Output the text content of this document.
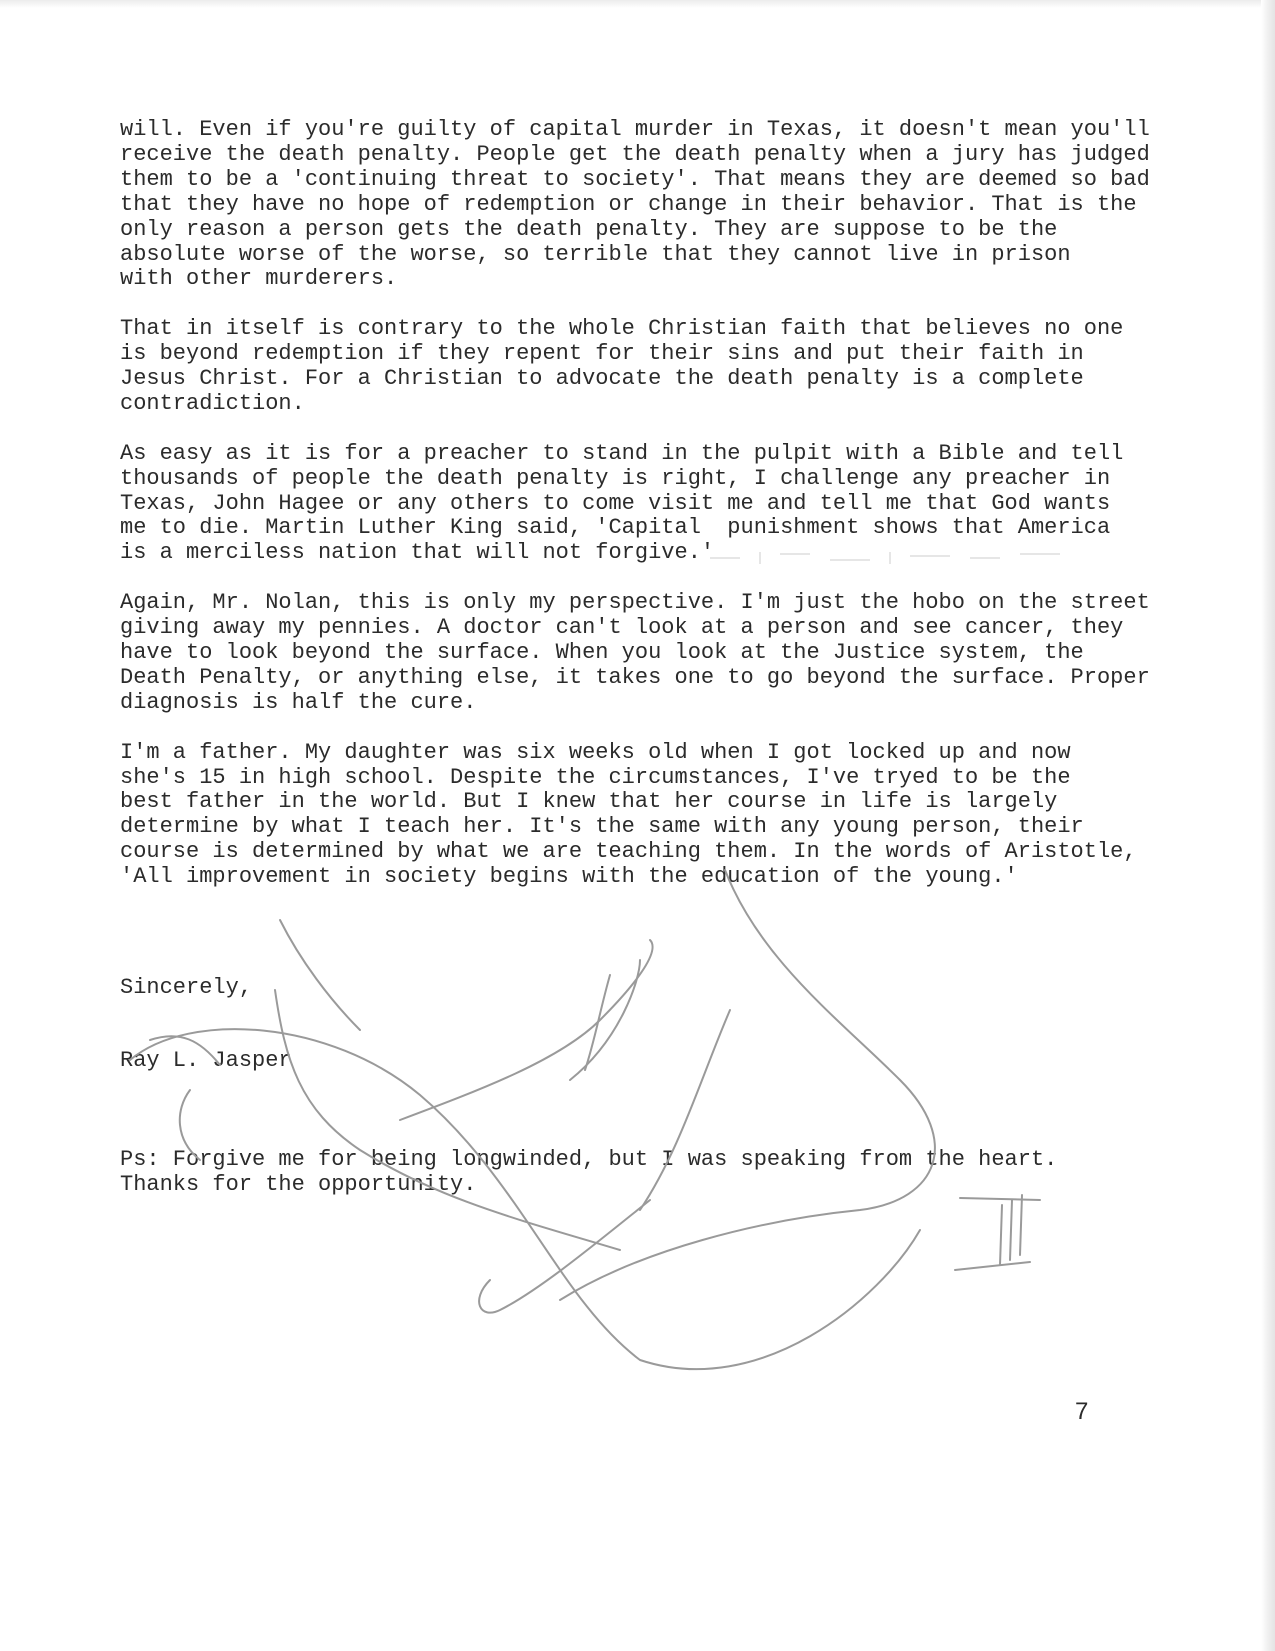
will. Even if you're guilty of capital murder in Texas, it doesn't mean you'll
receive the death penalty. People get the death penalty when a jury has judged
them to be a 'continuing threat to society'. That means they are deemed so bad
that they have no hope of redemption or change in their behavior. That is the
only reason a person gets the death penalty. They are suppose to be the
absolute worse of the worse, so terrible that they cannot live in prison
with other murderers.
That in itself is contrary to the whole Christian faith that believes no one
is beyond redemption if they repent for their sins and put their faith in
Jesus Christ. For a Christian to advocate the death penalty is a complete
contradiction.
As easy as it is for a preacher to stand in the pulpit with a Bible and tell
thousands of people the death penalty is right, I challenge any preacher in
Texas, John Hagee or any others to come visit me and tell me that God wants
me to die. Martin Luther King said, 'Capital  punishment shows that America
is a merciless nation that will not forgive.'
Again, Mr. Nolan, this is only my perspective. I'm just the hobo on the street
giving away my pennies. A doctor can't look at a person and see cancer, they
have to look beyond the surface. When you look at the Justice system, the
Death Penalty, or anything else, it takes one to go beyond the surface. Proper
diagnosis is half the cure.
I'm a father. My daughter was six weeks old when I got locked up and now
she's 15 in high school. Despite the circumstances, I've tryed to be the
best father in the world. But I knew that her course in life is largely
determine by what I teach her. It's the same with any young person, their
course is determined by what we are teaching them. In the words of Aristotle,
'All improvement in society begins with the education of the young.'
Sincerely,
Ray L. Jasper
Ps: Forgive me for being longwinded, but I was speaking from the heart.
Thanks for the opportunity.
7
